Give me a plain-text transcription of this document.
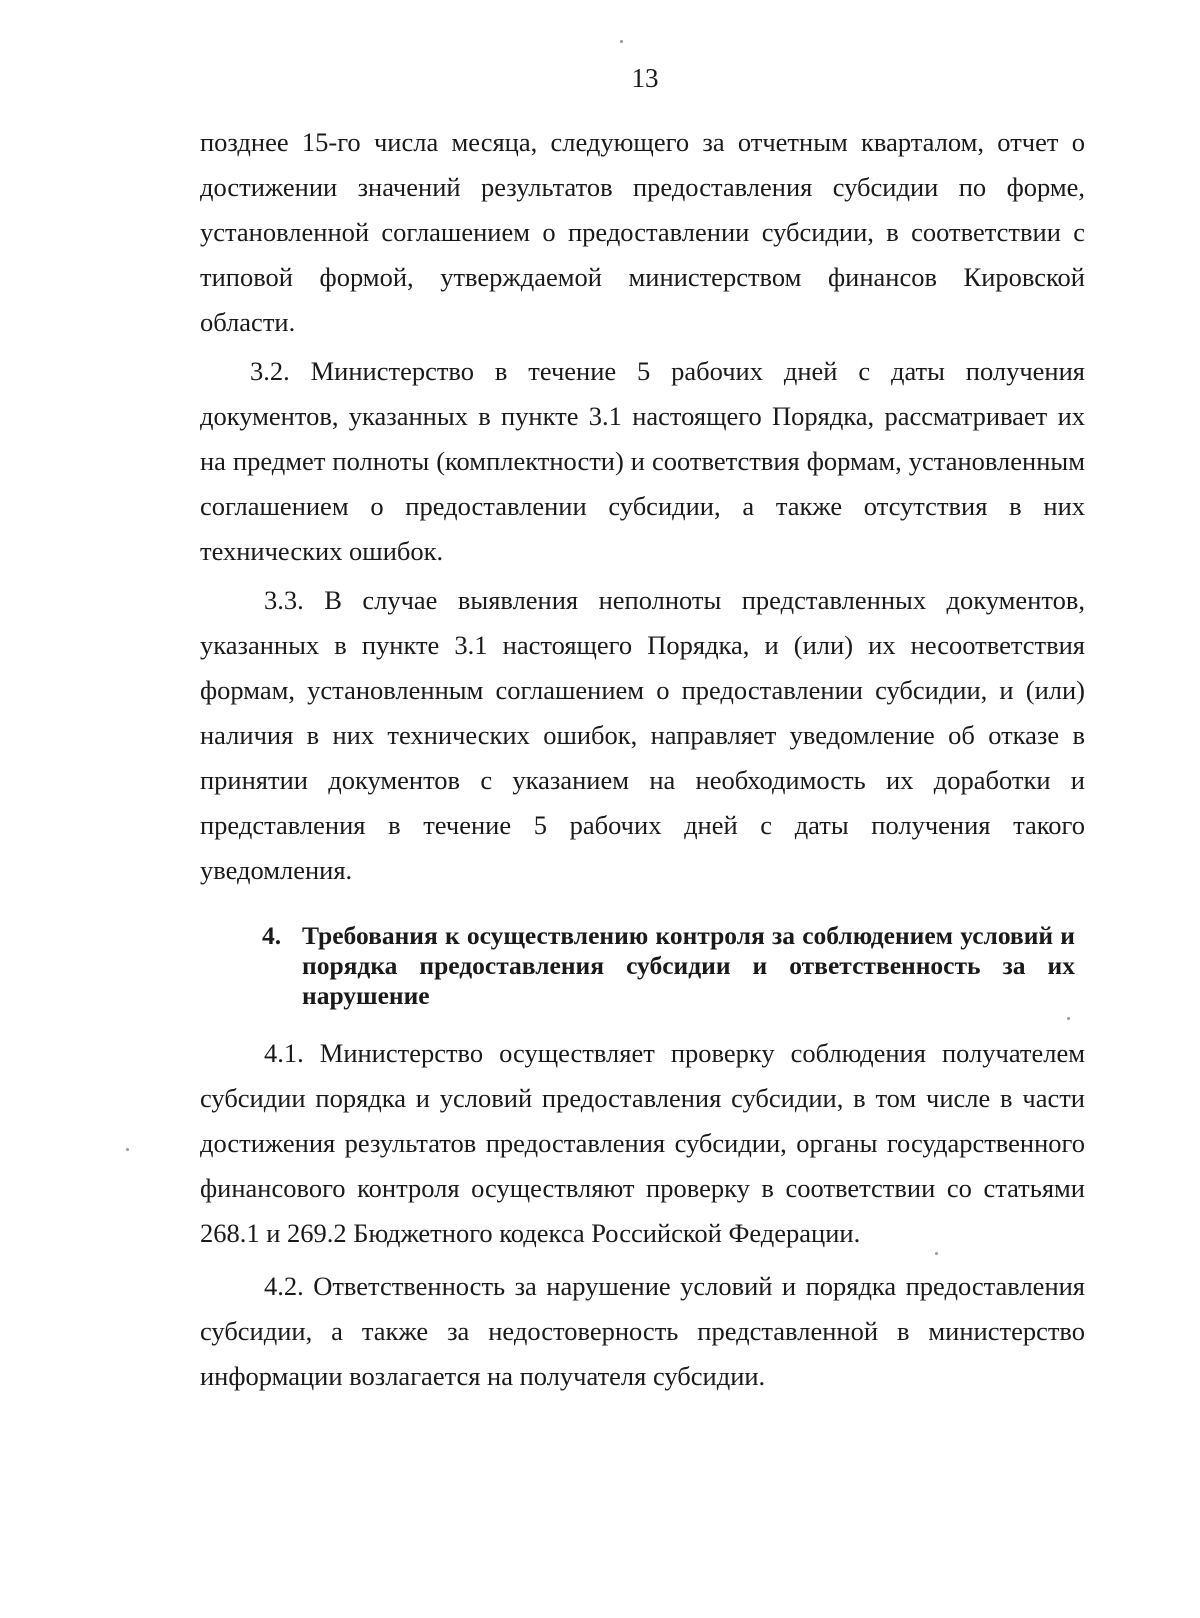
13

позднее 15-го числа месяца, следующего за отчетным кварталом, отчет о достижении значений результатов предоставления субсидии по форме, установленной соглашением о предоставлении субсидии, в соответствии с типовой формой, утверждаемой министерством финансов Кировской области.

3.2. Министерство в течение 5 рабочих дней с даты получения документов, указанных в пункте 3.1 настоящего Порядка, рассматривает их на предмет полноты (комплектности) и соответствия формам, установленным соглашением о предоставлении субсидии, а также отсутствия в них технических ошибок.

3.3. В случае выявления неполноты представленных документов, указанных в пункте 3.1 настоящего Порядка, и (или) их несоответствия формам, установленным соглашением о предоставлении субсидии, и (или) наличия в них технических ошибок, направляет уведомление об отказе в принятии документов с указанием на необходимость их доработки и представления в течение 5 рабочих дней с даты получения такого уведомления.

4. Требования к осуществлению контроля за соблюдением условий и порядка предоставления субсидии и ответственность за их нарушение

4.1. Министерство осуществляет проверку соблюдения получателем субсидии порядка и условий предоставления субсидии, в том числе в части достижения результатов предоставления субсидии, органы государственного финансового контроля осуществляют проверку в соответствии со статьями 268.1 и 269.2 Бюджетного кодекса Российской Федерации.

4.2. Ответственность за нарушение условий и порядка предоставления субсидии, а также за недостоверность представленной в министерство информации возлагается на получателя субсидии.
